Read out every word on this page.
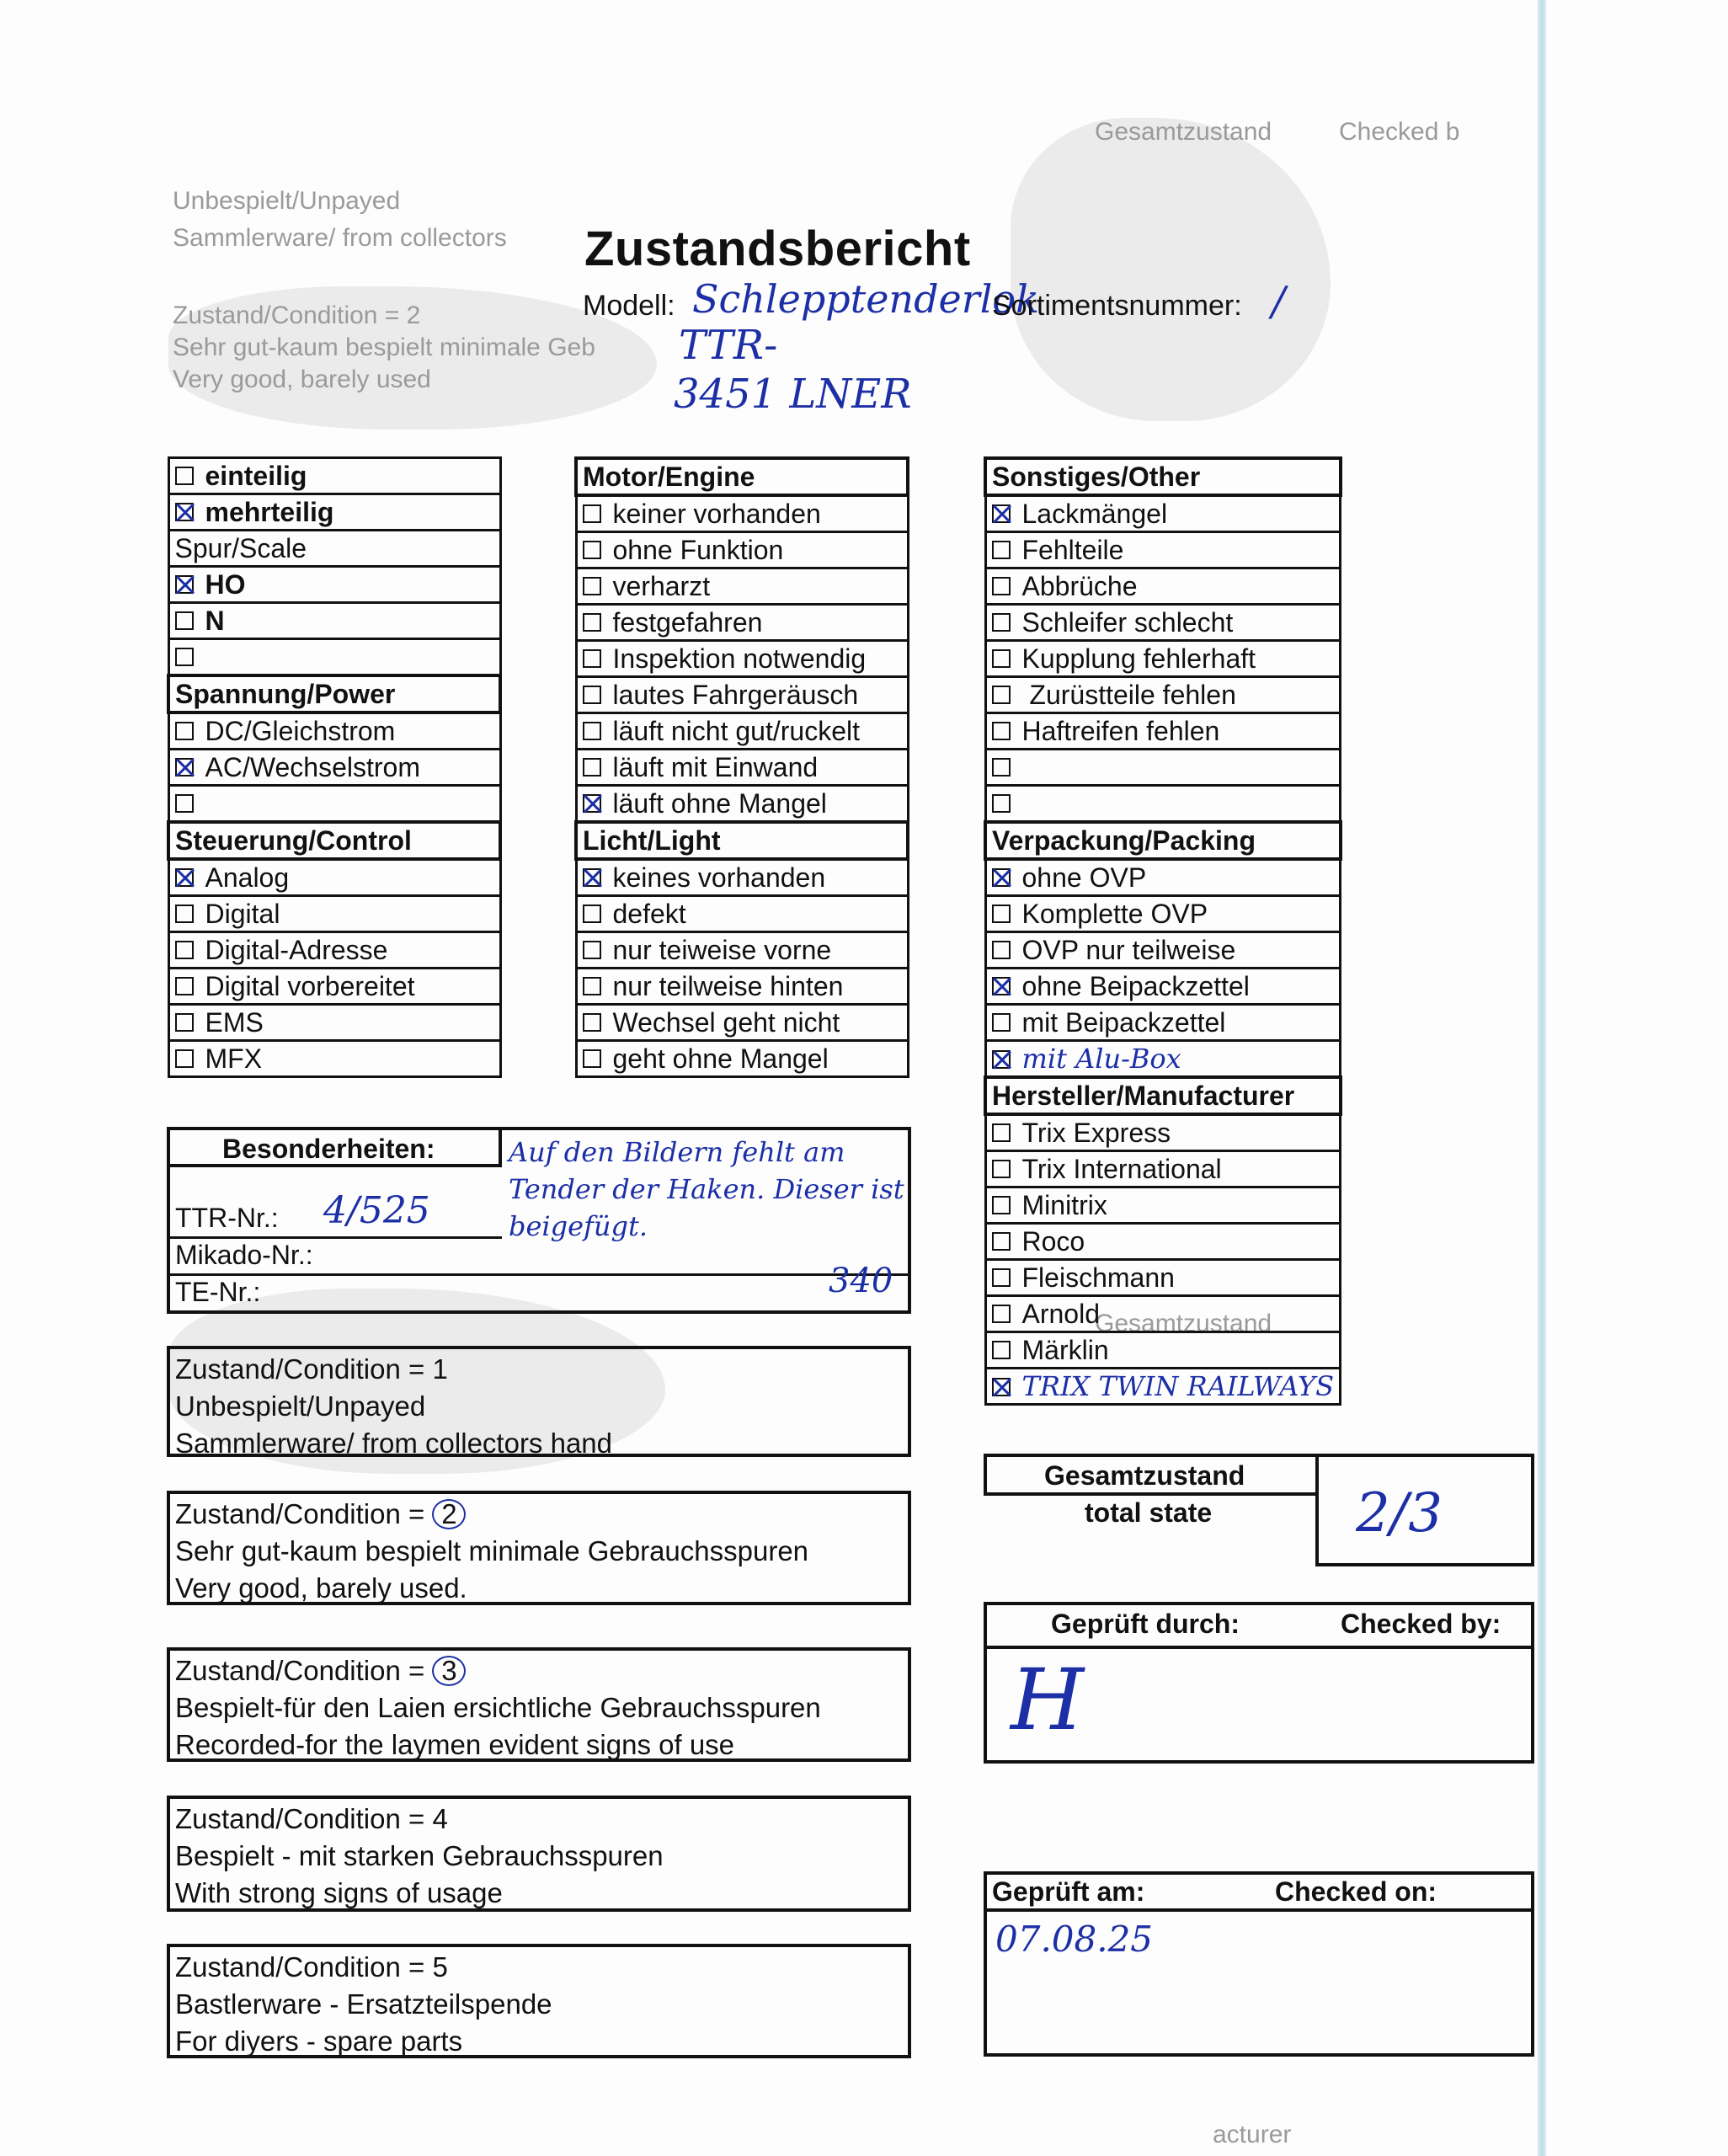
Unbespielt/Unpayed
Sammlerware/ from collectors
Zustand/Condition = 2
Sehr gut-kaum bespielt minimale Geb
Very good, barely used
Gesamtzustand	Checked b
Gesamtzustand
acturer
Zustandsbericht
Modell: Schlepptenderlok
TTR-
3451 LNER
Sortimentsnummer: /
einteilig
mehrteilig
Spur/Scale
HO
N

Spannung/Power
DC/Gleichstrom
AC/Wechselstrom

Steuerung/Control
Analog
Digital
Digital-Adresse
Digital vorbereitet
EMS
MFX
Motor/Engine
keiner vorhanden
ohne Funktion
verharzt
festgefahren
Inspektion notwendig
lautes Fahrgeräusch
läuft nicht gut/ruckelt
läuft mit Einwand
läuft ohne Mangel
Licht/Light
keines vorhanden
defekt
nur teiweise vorne
nur teilweise hinten
Wechsel geht nicht
geht ohne Mangel
Sonstiges/Other
Lackmängel
Fehlteile
Abbrüche
Schleifer schlecht
Kupplung fehlerhaft
Zurüstteile fehlen
Haftreifen fehlen

Verpackung/Packing
ohne OVP
Komplette OVP
OVP nur teilweise
ohne Beipackzettel
mit Beipackzettel
mit Alu-Box
Hersteller/Manufacturer
Trix Express
Trix International
Minitrix
Roco
Fleischmann
Arnold
Märklin
TRIX TWIN RAILWAYS
Besonderheiten:	Auf den Bildern fehlt am Tender der Haken. Dieser ist beigefügt.
TTR-Nr.: 4/525
Mikado-Nr.:
TE-Nr.:	340
Zustand/Condition = 1
Unbespielt/Unpayed
Sammlerware/ from collectors hand
Zustand/Condition = 2
Sehr gut-kaum bespielt minimale Gebrauchsspuren
Very good, barely used.
Zustand/Condition = 3
Bespielt-für den Laien ersichtliche Gebrauchsspuren
Recorded-for the laymen evident signs of use
Zustand/Condition = 4
Bespielt - mit starken Gebrauchsspuren
With strong signs of usage
Zustand/Condition = 5
Bastlerware - Ersatzteilspende
For diyers - spare parts
Gesamtzustand
total state	2/3
Geprüft durch:	Checked by:
H
Geprüft am:	Checked on:
07.08.25
